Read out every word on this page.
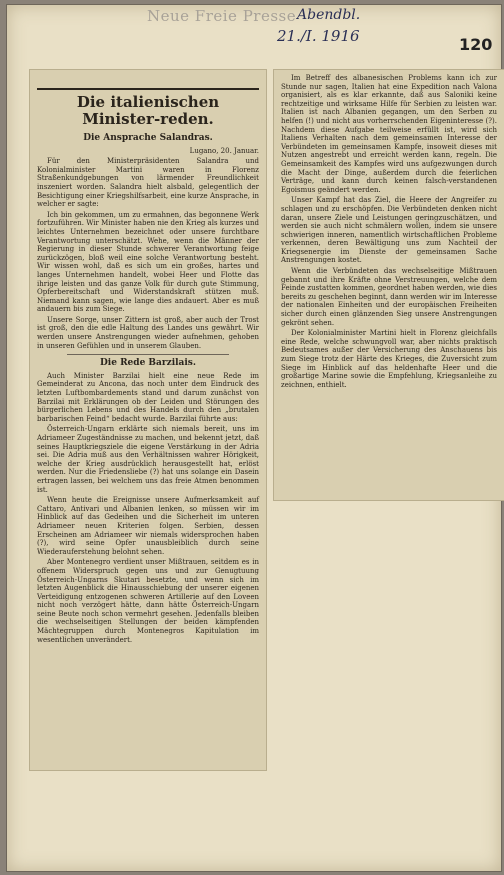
Neue Freie Presse Abendbl.
21./I. 1916	120
Die italienischen Minister-reden.
Die Ansprache Salandras.
Lugano, 20. Januar.

Für den Ministerpräsidenten Salandra und Kolonialminister Martini waren in Florenz Straßenkundgebungen von lärmender Freundlichkeit inszeniert worden. Salandra hielt alsbald, gelegentlich der Besichtigung einer Kriegshilfsarbeit, eine kurze Ansprache, in welcher er sagte:

Ich bin gekommen, um zu ermahnen, das begonnene Werk fortzuführen. Wir Minister haben nie den Krieg als kurzes und leichtes Unternehmen bezeichnet oder unsere furchtbare Verantwortung unterschätzt. Wehe, wenn die Männer der Regierung in dieser Stunde schwerer Verantwortung feige zurückzögen, bloß weil eine solche Verantwortung besteht. Wir wissen wohl, daß es sich um ein großes, hartes und langes Unternehmen handelt, wobei Heer und Flotte das ihrige leisten und das ganze Volk für durch gute Stimmung, Opferbereitschaft und Widerstandskraft stützen muß. Niemand kann sagen, wie lange dies andauert. Aber es muß andauern bis zum Siege.

Unsere Sorge, unser Zittern ist groß, aber auch der Trost ist groß, den die edle Haltung des Landes uns gewährt. Wir werden unsere Anstrengungen wieder aufnehmen, gehoben in unseren Gefühlen und in unserem Glauben.

Die Rede Barzilais.

Auch Minister Barzilai hielt eine neue Rede im Gemeinderat zu Ancona, das noch unter dem Eindruck des letzten Luftbombardements stand und darum zunächst von Barzilai mit Erklärungen ob der Leiden und Störungen des bürgerlichen Lebens und des Handels durch den „brutalen barbarischen Feind“ bedacht wurde. Barzilai führte aus:

Österreich-Ungarn erklärte sich niemals bereit, uns im Adriameer Zugeständnisse zu machen, und bekennt jetzt, daß seines Hauptkriegsziele die eigene Verstärkung in der Adria sei. Die Adria muß aus den Verhältnissen wahrer Hörigkeit, welche der Krieg ausdrücklich herausgestellt hat, erlöst werden. Nur die Friedensliebe (?) hat uns solange ein Dasein ertragen lassen, bei welchem uns das freie Atmen benommen ist.

Wenn heute die Ereignisse unsere Aufmerksamkeit auf Cattaro, Antivari und Albanien lenken, so müssen wir im Hinblick auf das Gedeihen und die Sicherheit im unteren Adriameer neuen Kriterien folgen. Serbien, dessen Erscheinen am Adriameer wir niemals widersprochen haben (?), wird seine Opfer unausbleiblich durch seine Wiederauferstehung belohnt sehen.

Aber Montenegro verdient unser Mißtrauen, seitdem es in offenem Widerspruch gegen uns und zur Genugtuung Österreich-Ungarns Skutari besetzte, und wenn sich im letzten Augenblick die Hinausschiebung der unserer eigenen Verteidigung entzogenen schweren Artillerie auf den Loveen nicht noch verzögert hätte, dann hätte Österreich-Ungarn seine Beute noch schon vermehrt gesehen. Jedenfalls bleiben die wechselseitigen Stellungen der beiden kämpfenden Mächtegruppen durch Montenegros Kapitulation im wesentlichen unverändert.

Im Betreff des albanesischen Problems kann ich zur Stunde nur sagen, Italien hat eine Expedition nach Valona organisiert, als es klar erkannte, daß aus Saloniki keine rechtzeitige und wirksame Hilfe für Serbien zu leisten war. Italien ist nach Albanien gegangen, um den Serben zu helfen (!) und nicht aus vorherrschenden Eigeninteresse (?). Nachdem diese Aufgabe teilweise erfüllt ist, wird sich Italiens Verhalten nach dem gemeinsamen Interesse der Verbündeten im gemeinsamen Kampfe, insoweit dieses mit Nutzen angestrebt und erreicht werden kann, regeln. Die Gemeinsamkeit des Kampfes wird uns aufgezwungen durch die Macht der Dinge, außerdem durch die feierlichen Verträge, und kann durch keinen falsch-verstandenen Egoismus geändert werden.

Unser Kampf hat das Ziel, die Heere der Angreifer zu schlagen und zu erschöpfen. Die Verbündeten denken nicht daran, unsere Ziele und Leistungen geringzuschätzen, und werden sie auch nicht schmälern wollen, indem sie unsere schwierigen inneren, namentlich wirtschaftlichen Probleme verkennen, deren Bewältigung uns zum Nachteil der Kriegsenergie im Dienste der gemeinsamen Sache Anstrengungen kostet.

Wenn die Verbündeten das wechselseitige Mißtrauen gebannt und ihre Kräfte ohne Verstreuungen, welche dem Feinde zustatten kommen, geordnet haben werden, wie dies bereits zu geschehen beginnt, dann werden wir im Interesse der nationalen Einheiten und der europäischen Freiheiten sicher durch einen glänzenden Sieg unsere Anstrengungen gekrönt sehen.

Der Kolonialminister Martini hielt in Florenz gleichfalls eine Rede, welche schwungvoll war, aber nichts praktisch Bedeutsames außer der Versicherung des Anschauens bis zum Siege trotz der Härte des Krieges, die Zuversicht zum Siege im Hinblick auf das heldenhafte Heer und die großartige Marine sowie die Empfehlung, Kriegsanleihe zu zeichnen, enthielt.
